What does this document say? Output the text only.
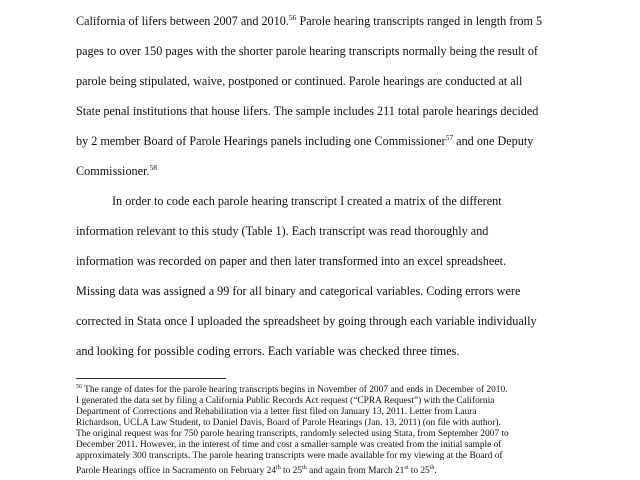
California of lifers between 2007 and 2010.56 Parole hearing transcripts ranged in length from 5
pages to over 150 pages with the shorter parole hearing transcripts normally being the result of
parole being stipulated, waive, postponed or continued. Parole hearings are conducted at all
State penal institutions that house lifers. The sample includes 211 total parole hearings decided
by 2 member Board of Parole Hearings panels including one Commissioner$^{57}$ and one Deputy
Commissioner.$^{58}$
In order to code each parole hearing transcript I created a matrix of the different
information relevant to this study (Table 1). Each transcript was read thoroughly and
information was recorded on paper and then later transformed into an excel spreadsheet.
Missing data was assigned a 99 for all binary and categorical variables. Coding errors were
corrected in Stata once I uploaded the spreadsheet by going through each variable individually
and looking for possible coding errors. Each variable was checked three times.
$^{56}$ The range of dates for the parole hearing transcripts begins in November of 2007 and ends in December of 2010.
I generated the data set by filing a California Public Records Act request (“CPRA Request”) with the California
Department of Corrections and Rehabilitation via a letter first filed on January 13, 2011. Letter from Laura
Richardson, UCLA Law Student, to Daniel Davis, Board of Parole Hearings (Jan. 13, 2011) (on file with author).
The original request was for 750 parole hearing transcripts, randomly selected using Stata, from September 2007 to
December 2011. However, in the interest of time and cost a smaller sample was created from the initial sample of
approximately 300 transcripts. The parole hearing transcripts were made available for my viewing at the Board of
Parole Hearings office in Sacramento on February 24th to 25th and again from March 21st to 25th.
